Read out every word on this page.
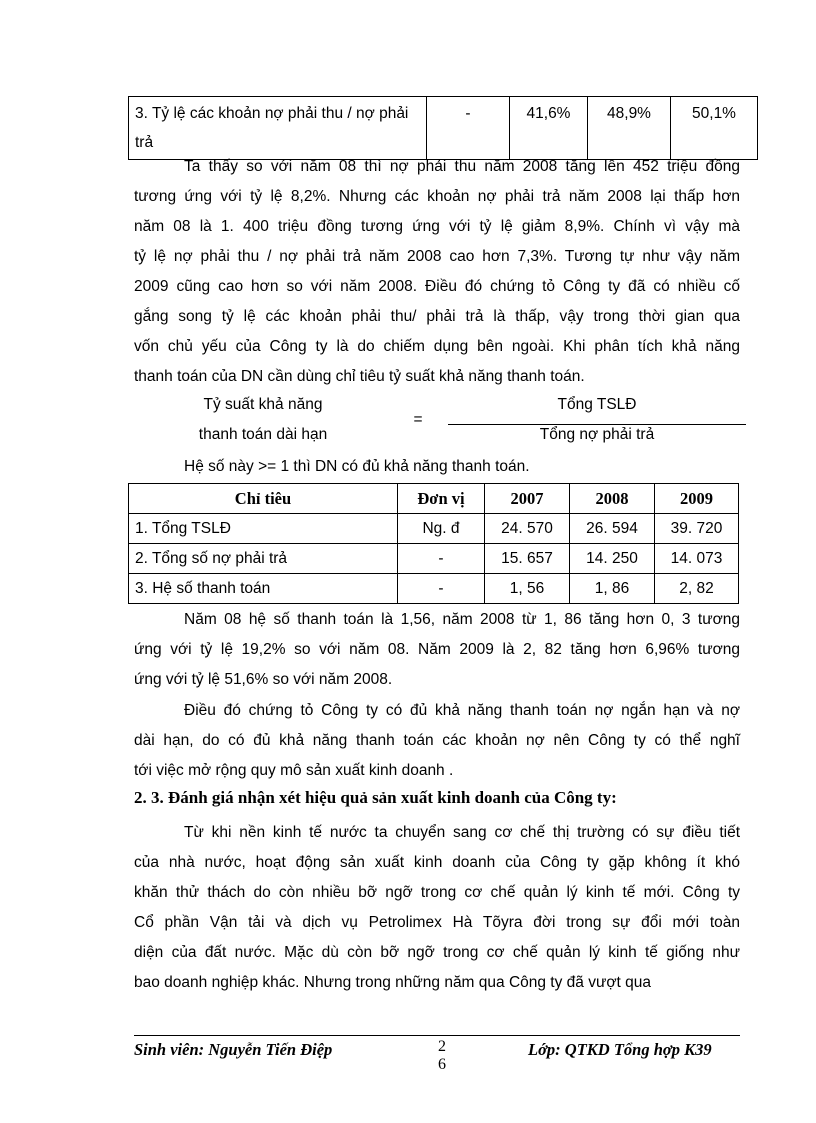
3. Tỷ lệ các khoản nợ phải thu / nợ phải trả	-	41,6%	48,9%	50,1%
Ta thấy so với năm 08 thì nợ phải thu năm 2008 tăng lên 452 triệu đồng
tương ứng với tỷ lệ 8,2%. Nhưng các khoản nợ phải trả năm 2008 lại thấp hơn
năm 08 là 1. 400 triệu đồng tương ứng với tỷ lệ giảm 8,9%. Chính vì vậy mà
tỷ lệ nợ phải thu / nợ phải trả năm 2008 cao hơn 7,3%. Tương tự như vậy năm
2009 cũng cao hơn so với năm 2008. Điều đó chứng tỏ Công ty đã có nhiều cố
gắng song tỷ lệ các khoản phải thu/ phải trả là thấp, vậy trong thời gian qua
vốn chủ yếu của Công ty là do chiếm dụng bên ngoài. Khi phân tích khả năng
thanh toán của DN cần dùng chỉ tiêu tỷ suất khả năng thanh toán.
Tỷ suất khả năng
thanh toán dài hạn
=
Tổng TSLĐ
Tổng nợ phải trả
Hệ số này >= 1 thì DN có đủ khả năng thanh toán.
Chỉ tiêu	Đơn vị	2007	2008	2009
1. Tổng TSLĐ	Ng. đ	24. 570	26. 594	39. 720
2. Tổng số nợ phải trả	-	15. 657	14. 250	14. 073
3. Hệ số thanh toán	-	1, 56	1, 86	2, 82
Năm 08 hệ số thanh toán là 1,56, năm 2008 từ 1, 86 tăng hơn 0, 3 tương
ứng với tỷ lệ 19,2% so với năm 08. Năm 2009 là 2, 82 tăng hơn 6,96% tương
ứng với tỷ lệ 51,6% so với năm 2008.
Điều đó chứng tỏ Công ty có đủ khả năng thanh toán nợ ngắn hạn và nợ
dài hạn, do có đủ khả năng thanh toán các khoản nợ nên Công ty có thể nghĩ
tới việc mở rộng quy mô sản xuất kinh doanh .
2. 3. Đánh giá nhận xét hiệu quả sản xuất kinh doanh của Công ty:
Từ khi nền kinh tế nước ta chuyển sang cơ chế thị trường có sự điều tiết
của nhà nước, hoạt động sản xuất kinh doanh của Công ty gặp không ít khó
khăn thử thách do còn nhiều bỡ ngỡ trong cơ chế quản lý kinh tế mới. Công ty
Cổ phần Vận tải và dịch vụ Petrolimex Hà Tõyra đời trong sự đổi mới toàn
diện của đất nước. Mặc dù còn bỡ ngỡ trong cơ chế quản lý kinh tế giống như
bao doanh nghiệp khác. Nhưng trong những năm qua Công ty đã vượt qua
Sinh viên: Nguyễn Tiến Điệp	2
6
Lớp: QTKD Tổng hợp K39
